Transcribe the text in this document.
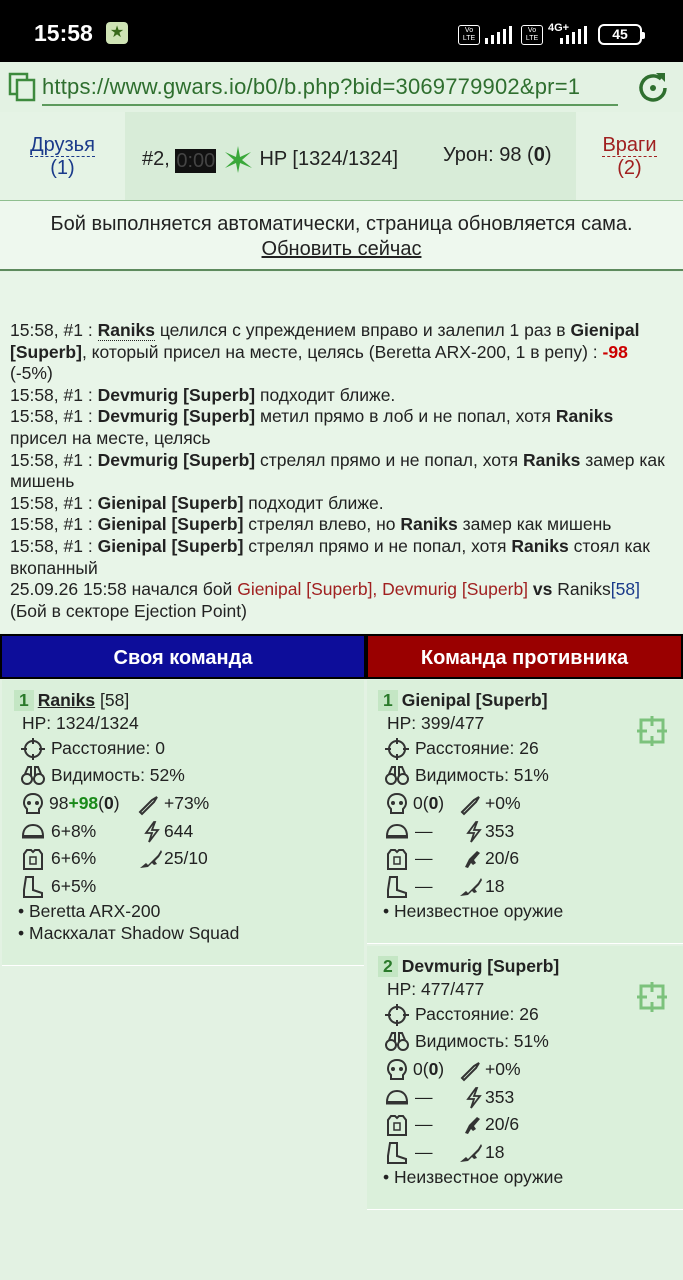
15:58 ★	Vo LTE
Vo LTE
4G+	45
https://www.gwars.io/b0/b.php?bid=3069779902&pr=1
Друзья
(1)	#2, 0:00 HP [1324/1324] Урон: 98 (0)	Враги
(2)
Бой выполняется автоматически, страница обновляется сама.
Обновить сейчас
15:58, #1 : Raniks целился с упреждением вправо и залепил 1 раз в Gienipal [Superb], который присел на месте, целясь (Beretta ARX-200, 1 в репу) : -98 (-5%)
15:58, #1 : Devmurig [Superb] подходит ближе.
15:58, #1 : Devmurig [Superb] метил прямо в лоб и не попал, хотя Raniks присел на месте, целясь
15:58, #1 : Devmurig [Superb] стрелял прямо и не попал, хотя Raniks замер как мишень
15:58, #1 : Gienipal [Superb] подходит ближе.
15:58, #1 : Gienipal [Superb] стрелял влево, но Raniks замер как мишень
15:58, #1 : Gienipal [Superb] стрелял прямо и не попал, хотя Raniks стоял как вкопанный
25.09.26 15:58 начался бой Gienipal [Superb], Devmurig [Superb] vs Raniks[58]
(Бой в секторе Ejection Point)
Своя команда	Команда противника
1 Raniks [58]
HP: 1324/1324
Расстояние: 0
Видимость: 52%
98+98(0)	+73%
6+8%	644
6+6%	25/10
6+5%
• Beretta ARX-200
• Маскхалат Shadow Squad
1 Gienipal [Superb]
HP: 399/477
Расстояние: 26
Видимость: 51%
0(0) +0%
—	353
—	20/6
—	18
• Неизвестное оружие
2 Devmurig [Superb]
HP: 477/477
Расстояние: 26
Видимость: 51%
0(0) +0%
—	353
—	20/6
—	18
• Неизвестное оружие
